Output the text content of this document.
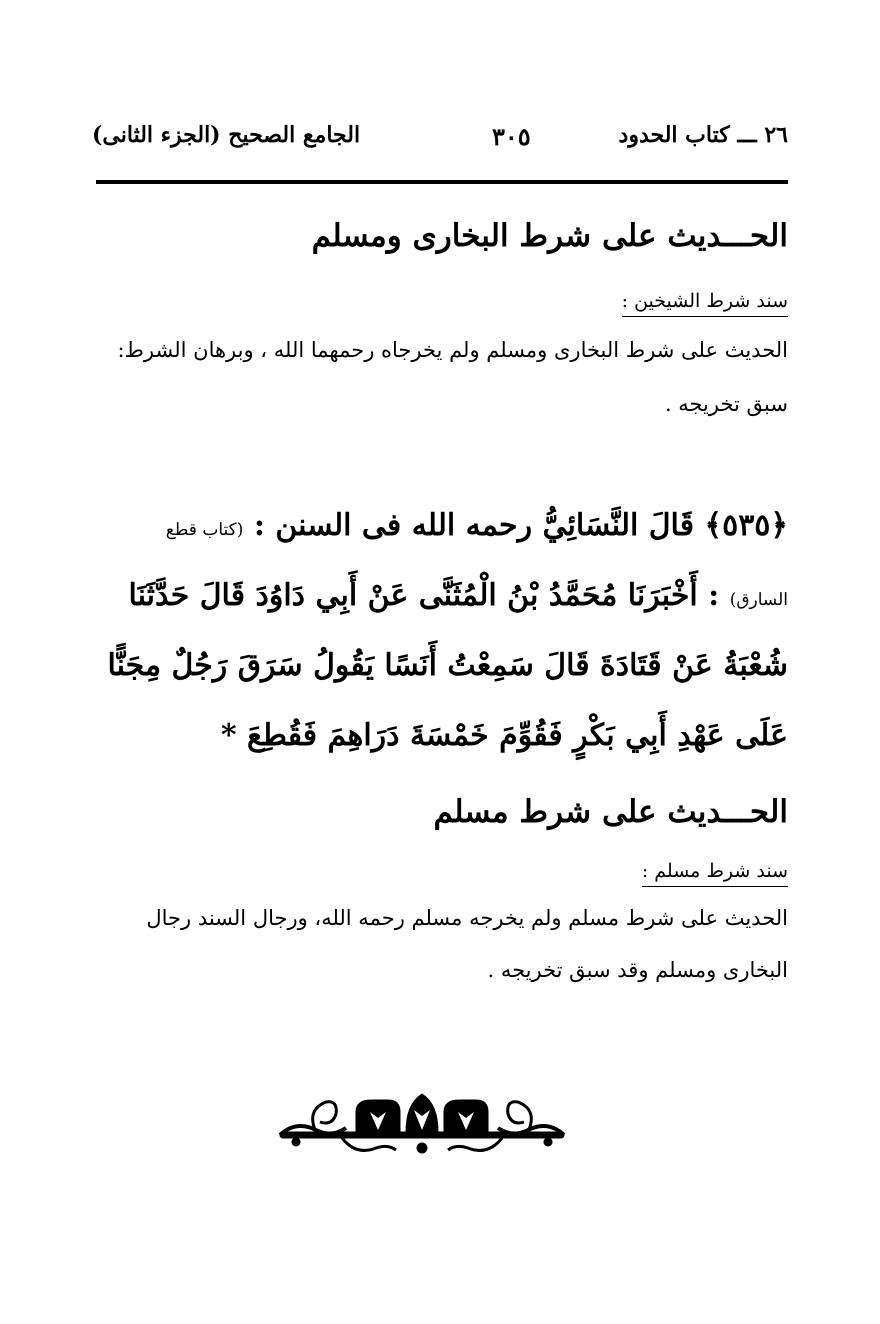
٢٦ ـــ كتاب الحدود
٣٠٥
الجامع الصحيح (الجزء الثانى)
الحـــديث على شرط البخارى ومسلم
سند شرط الشيخين :
الحديث على شرط البخارى ومسلم ولم يخرجاه رحمهما الله ، وبرهان الشرط:
سبق تخريجه .
﴿٥٣٥﴾ قَالَ النَّسَائِيُّ رحمه الله فى السنن : (كتاب قطع
السارق) : أَخْبَرَنَا مُحَمَّدُ بْنُ الْمُثَنَّى عَنْ أَبِي دَاوُدَ قَالَ حَدَّثَنَا
شُعْبَةُ عَنْ قَتَادَةَ قَالَ سَمِعْتُ أَنَسًا يَقُولُ سَرَقَ رَجُلٌ مِجَنًّا
عَلَى عَهْدِ أَبِي بَكْرٍ فَقُوِّمَ خَمْسَةَ دَرَاهِمَ فَقُطِعَ *
الحـــديث على شرط مسلم
سند شرط مسلم :
الحديث على شرط مسلم ولم يخرجه مسلم رحمه الله، ورجال السند رجال
البخارى ومسلم وقد سبق تخريجه .
